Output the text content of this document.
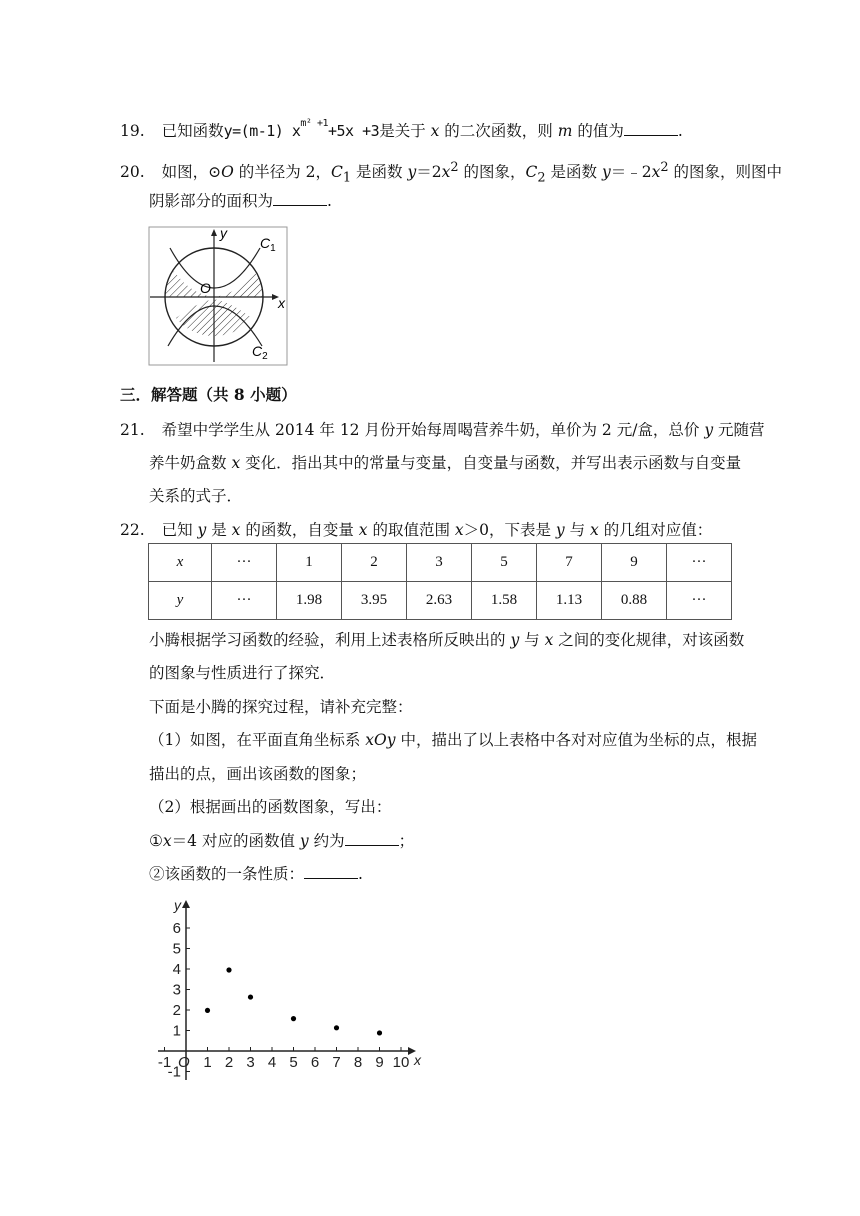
19. 已知函数y=(m-1) $x^{m^2 +1}+5x +3$是关于 x 的二次函数，则 m 的值为	.
20. 如图，⊙O 的半径为 2，$C_1$ 是函数 $y=2x^2$ 的图象，$C_2$ 是函数 $y=﹣2x^2$ 的图象，则图中
阴影部分的面积为	.
y
x
O
$C_1$
$C_2$
三．解答题（共 8 小题）
21. 希望中学学生从 2014 年 12 月份开始每周喝营养牛奶，单价为 2 元/盒，总价 y 元随营
养牛奶盒数 x 变化．指出其中的常量与变量，自变量与函数，并写出表示函数与自变量
关系的式子．
22. 已知 y 是 x 的函数，自变量 x 的取值范围 x＞0，下表是 y 与 x 的几组对应值：
x	···	1	2	3	5	7	9	···
y	···	1.98	3.95	2.63	1.58	1.13	0.88	···
小腾根据学习函数的经验，利用上述表格所反映出的 y 与 x 之间的变化规律，对该函数
的图象与性质进行了探究．
下面是小腾的探究过程，请补充完整：
（1）如图，在平面直角坐标系 xOy 中，描出了以上表格中各对对应值为坐标的点，根据
描出的点，画出该函数的图象；
（2）根据画出的函数图象，写出：
①x＝4 对应的函数值 y 约为	；
②该函数的一条性质：	.
-1 1 2 3 4 5 6 7 8 9 10
-1
1
2
3
4
5
6
x
y
O
